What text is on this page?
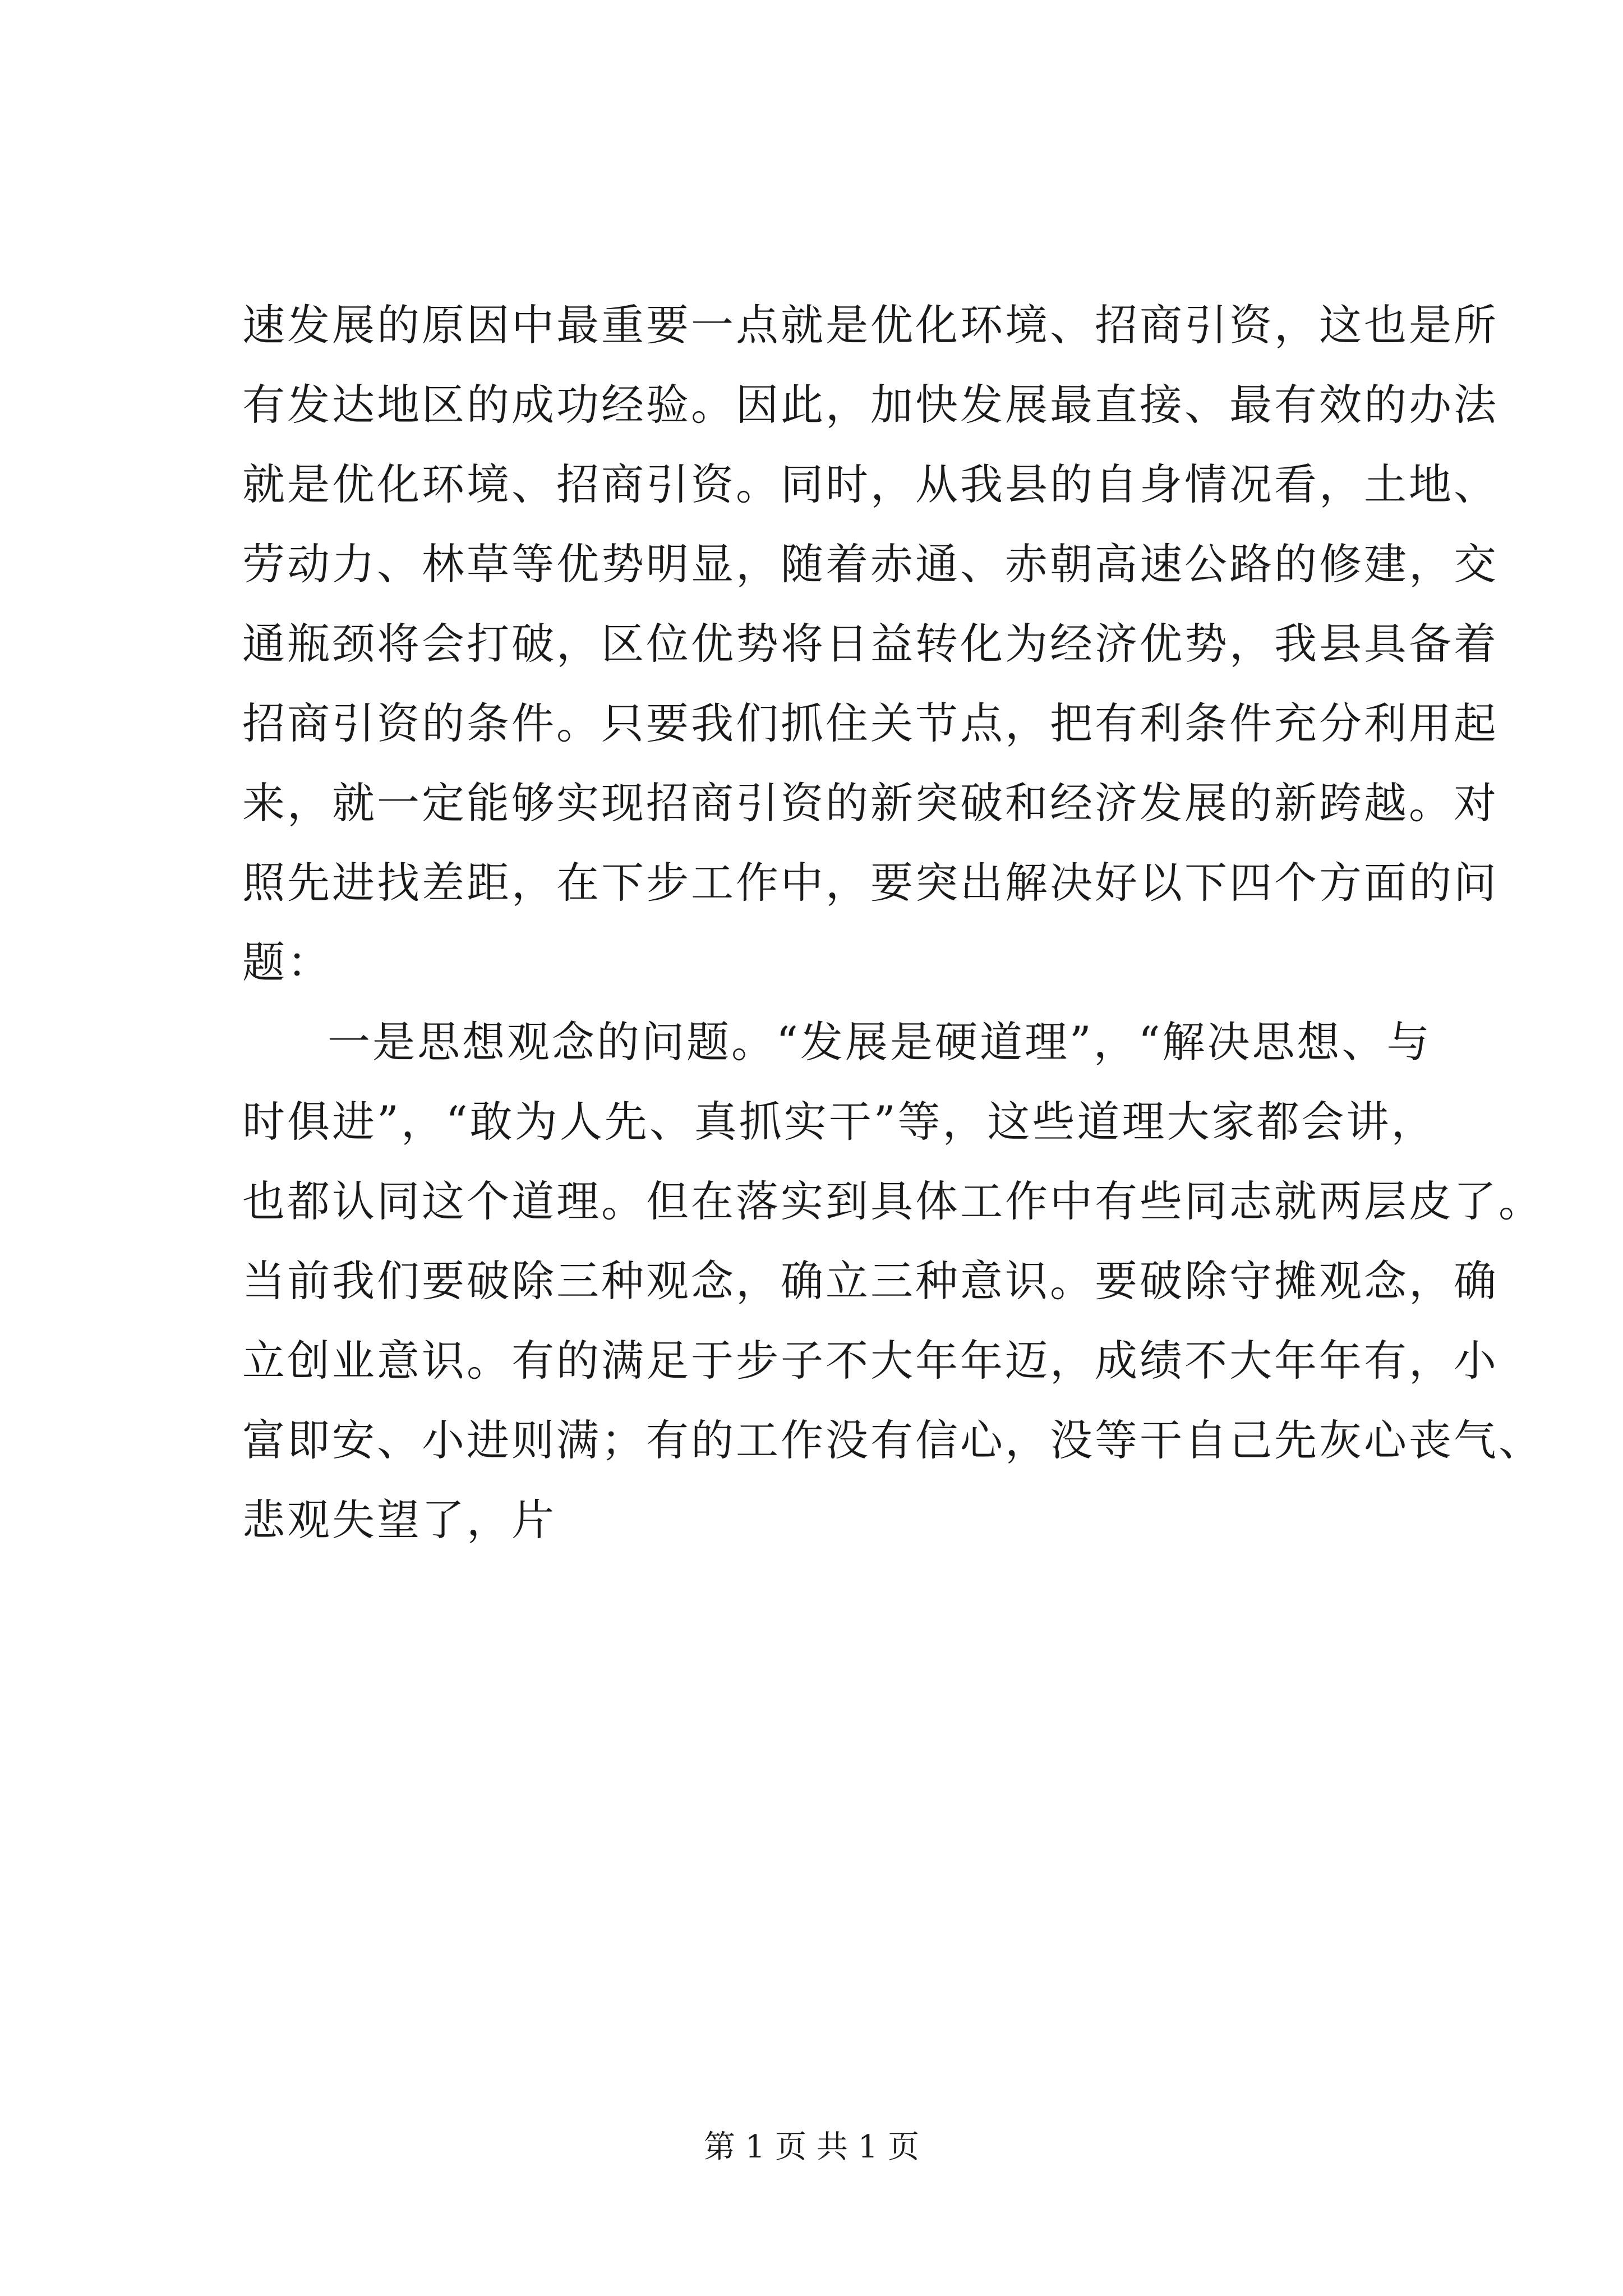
速发展的原因中最重要一点就是优化环境、招商引资，这也是所
有发达地区的成功经验。因此，加快发展最直接、最有效的办法
就是优化环境、招商引资。同时，从我县的自身情况看，土地、
劳动力、林草等优势明显，随着赤通、赤朝高速公路的修建，交
通瓶颈将会打破，区位优势将日益转化为经济优势，我县具备着
招商引资的条件。只要我们抓住关节点，把有利条件充分利用起
来，就一定能够实现招商引资的新突破和经济发展的新跨越。对
照先进找差距，在下步工作中，要突出解决好以下四个方面的问
题：
一是思想观念的问题。“发展是硬道理”，“解决思想、与
时俱进”，“敢为人先、真抓实干”等，这些道理大家都会讲，
也都认同这个道理。但在落实到具体工作中有些同志就两层皮了。
当前我们要破除三种观念，确立三种意识。要破除守摊观念，确
立创业意识。有的满足于步子不大年年迈，成绩不大年年有，小
富即安、小进则满；有的工作没有信心，没等干自己先灰心丧气、
悲观失望了，片
第 1 页 共 1 页
